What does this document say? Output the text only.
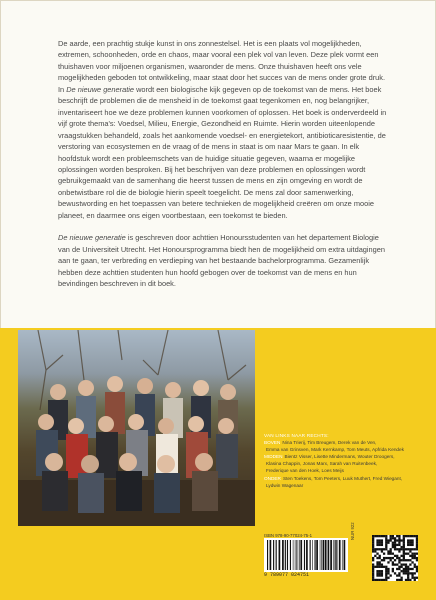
De aarde, een prachtig stukje kunst in ons zonnestelsel. Het is een plaats vol mogelijkheden, extremen, schoonheden, orde en chaos, maar vooral een plek vol van leven. Deze plek vormt een thuishaven voor miljoenen organismen, waaronder de mens. Onze thuishaven heeft ons vele mogelijkheden geboden tot ontwikkeling, maar staat door het succes van de mens onder grote druk.

In De nieuwe generatie wordt een biologische kijk gegeven op de toekomst van de mens. Het boek beschrijft de problemen die de mensheid in de toekomst gaat tegenkomen en, nog belangrijker, inventariseert hoe we deze problemen kunnen voorkomen of oplossen. Het boek is onderverdeeld in vijf grote thema's: Voedsel, Milieu, Energie, Gezondheid en Ruimte. Hierin worden uiteenlopende vraagstukken behandeld, zoals het aankomende voedsel- en energietekort, antibioticaresistentie, de verstoring van ecosystemen en de vraag of de mens in staat is om naar Mars te gaan. In elk hoofdstuk wordt een probleemschets van de huidige situatie gegeven, waarna er mogelijke oplossingen worden besproken. Bij het beschrijven van deze problemen en oplossingen wordt gebruikgemaakt van de samenhang die heerst tussen de mens en zijn omgeving en wordt de onbetwistbare rol die de biologie hierin speelt toegelicht. De mens zal door samenwerking, bewustwording en het toepassen van betere technieken de mogelijkheid creëren om onze mooie planeet, en daarmee ons eigen voortbestaan, een toekomst te bieden.

De nieuwe generatie is geschreven door achttien Honoursstudenten van het departement Biologie van de Universiteit Utrecht. Het Honoursprogramma biedt hen de mogelijkheid om extra uitdagingen aan te gaan, ter verbreding en verdieping van het bestaande bachelorprogramma. Gezamenlijk hebben deze achttien studenten hun hoofd gebogen over de toekomst van de mens en hun bevindingen beschreven in dit boek.

VAN LINKS NAAR RECHTS:
BOVEN Nina Trierij, Tim Breugem, Derek van de Ven,
Emma van Grinsven, Mark Kernkamp, Tom Meuts, Apfrida Kendek
MIDDEN Bientz Visser, Lisette Mindermans, Wouter Droogers,
Klasina Chappin, Jonas Marx, Sarah van Ruitenbeek,
Frederique van den Hoek, Loes Meijs
ONDER Sten Toekens, Tom Peeters, Luuk Muthert, Fred Wiegant,
Lydwin Wagenaar
ISBN 978-90-77024-75-1	NUR 922
9 789077 024751
